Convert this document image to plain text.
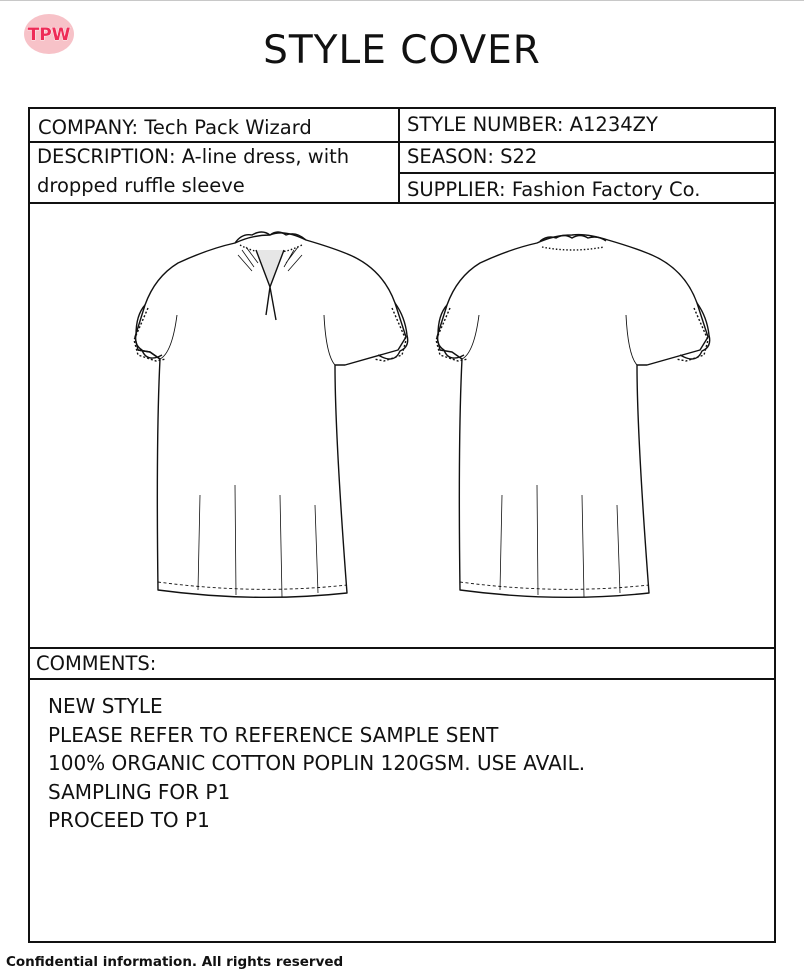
TPW	STYLE COVER
COMPANY: Tech Pack Wizard	STYLE NUMBER: A1234ZY
DESCRIPTION: A-line dress, with
dropped ruffle sleeve
SEASON: S22
SUPPLIER: Fashion Factory Co.
COMMENTS:

NEW STYLE

PLEASE REFER TO REFERENCE SAMPLE SENT

100% ORGANIC COTTON POPLIN 120GSM. USE AVAIL.

SAMPLING FOR P1

PROCEED TO P1

Confidential information. All rights reserved
